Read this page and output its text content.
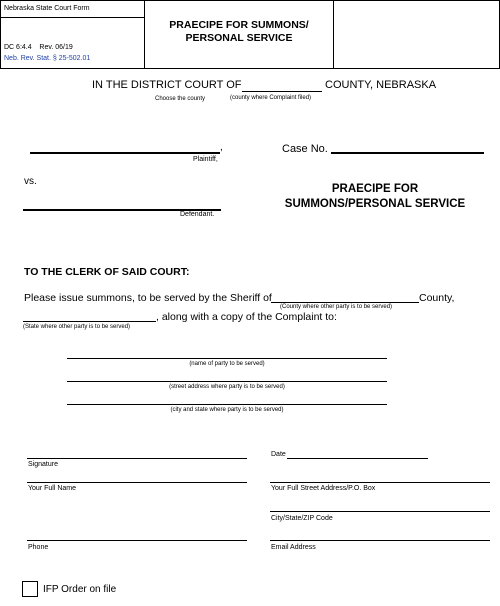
Nebraska State Court Form
DC 6:4.4 Rev. 06/19
Neb. Rev. Stat. § 25-502.01
PRAECIPE FOR SUMMONS/
PERSONAL SERVICE
IN THE DISTRICT COURT OF	COUNTY, NEBRASKA
Choose the county	(county where Complaint filed)
,
Plaintiff,
vs.
Defendant.
Case No.
PRAECIPE FOR
SUMMONS/PERSONAL SERVICE
TO THE CLERK OF SAID COURT:
Please issue summons, to be served by the Sheriff of	County,
(County where other party is to be served)
, along with a copy of the Complaint to:
(State where other party is to be served)
(name of party to be served)
(street address where party is to be served)
(city and state where party is to be served)
Date
Signature
Your Full Name	Your Full Street Address/P.O. Box
City/State/ZIP Code
Phone	Email Address
IFP Order on file
